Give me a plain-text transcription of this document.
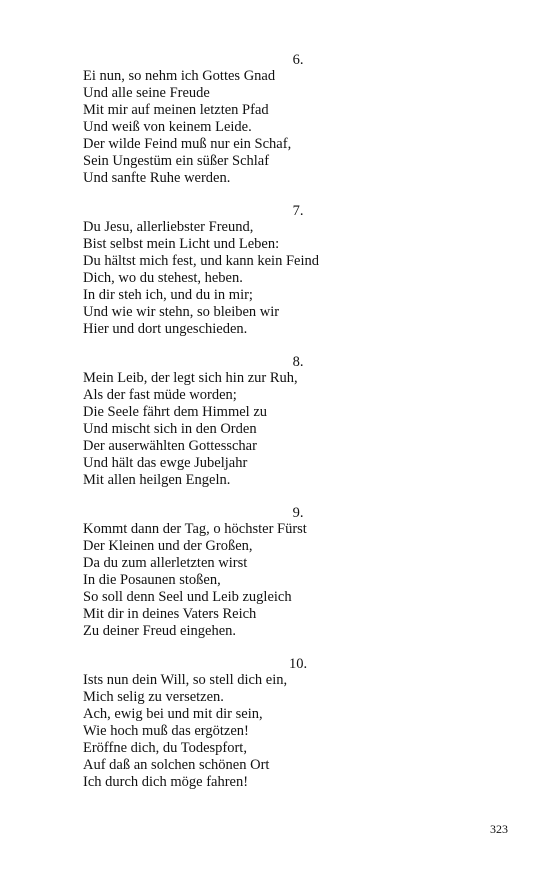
6.
Ei nun, so nehm ich Gottes Gnad
Und alle seine Freude
Mit mir auf meinen letzten Pfad
Und weiß von keinem Leide.
Der wilde Feind muß nur ein Schaf,
Sein Ungestüm ein süßer Schlaf
Und sanfte Ruhe werden.
7.
Du Jesu, allerliebster Freund,
Bist selbst mein Licht und Leben:
Du hältst mich fest, und kann kein Feind
Dich, wo du stehest, heben.
In dir steh ich, und du in mir;
Und wie wir stehn, so bleiben wir
Hier und dort ungeschieden.
8.
Mein Leib, der legt sich hin zur Ruh,
Als der fast müde worden;
Die Seele fährt dem Himmel zu
Und mischt sich in den Orden
Der auserwählten Gottesschar
Und hält das ewge Jubeljahr
Mit allen heilgen Engeln.
9.
Kommt dann der Tag, o höchster Fürst
Der Kleinen und der Großen,
Da du zum allerletzten wirst
In die Posaunen stoßen,
So soll denn Seel und Leib zugleich
Mit dir in deines Vaters Reich
Zu deiner Freud eingehen.
10.
Ists nun dein Will, so stell dich ein,
Mich selig zu versetzen.
Ach, ewig bei und mit dir sein,
Wie hoch muß das ergötzen!
Eröffne dich, du Todespfort,
Auf daß an solchen schönen Ort
Ich durch dich möge fahren!
323
